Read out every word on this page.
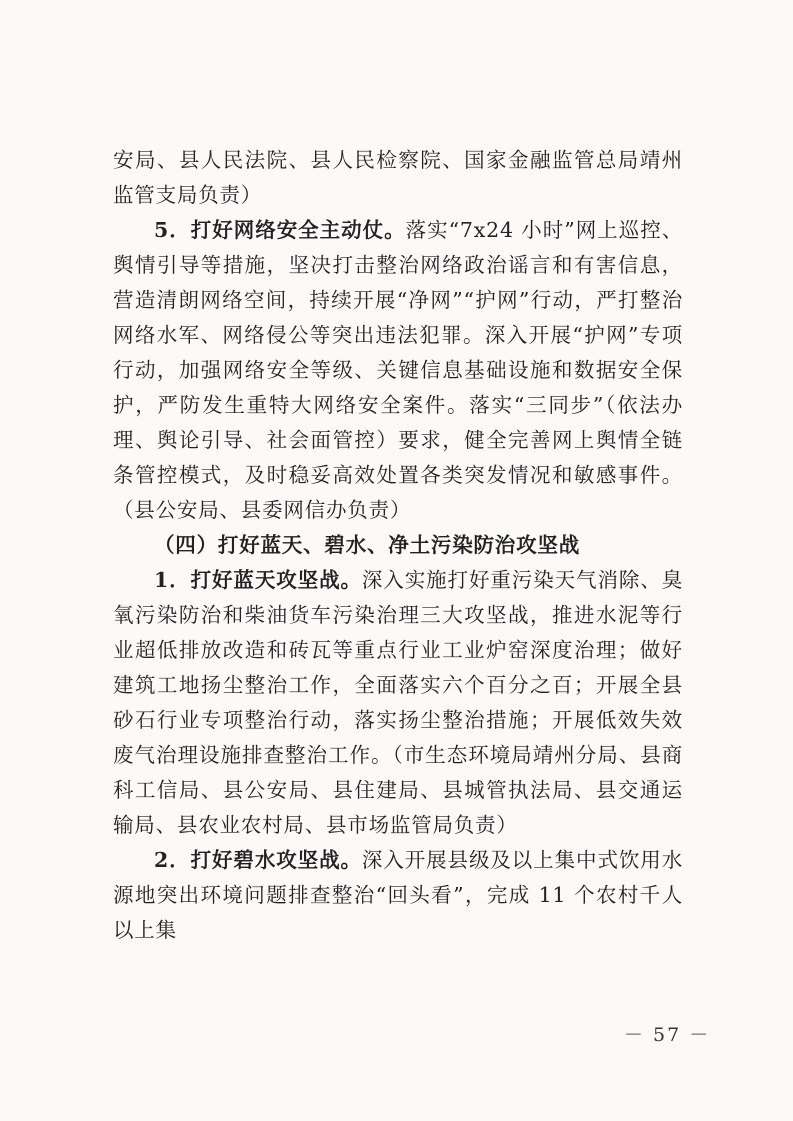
安局、县人民法院、县人民检察院、国家金融监管总局靖州监管支局负责）

5．打好网络安全主动仗。落实“7x24 小时”网上巡控、舆情引导等措施，坚决打击整治网络政治谣言和有害信息，营造清朗网络空间，持续开展“净网”“护网”行动，严打整治网络水军、网络侵公等突出违法犯罪。深入开展“护网”专项行动，加强网络安全等级、关键信息基础设施和数据安全保护，严防发生重特大网络安全案件。落实“三同步”（依法办理、舆论引导、社会面管控）要求，健全完善网上舆情全链条管控模式，及时稳妥高效处置各类突发情况和敏感事件。（县公安局、县委网信办负责）

（四）打好蓝天、碧水、净土污染防治攻坚战

1．打好蓝天攻坚战。深入实施打好重污染天气消除、臭氧污染防治和柴油货车污染治理三大攻坚战，推进水泥等行业超低排放改造和砖瓦等重点行业工业炉窑深度治理；做好建筑工地扬尘整治工作，全面落实六个百分之百；开展全县砂石行业专项整治行动，落实扬尘整治措施；开展低效失效废气治理设施排查整治工作。（市生态环境局靖州分局、县商科工信局、县公安局、县住建局、县城管执法局、县交通运输局、县农业农村局、县市场监管局负责）

2．打好碧水攻坚战。深入开展县级及以上集中式饮用水源地突出环境问题排查整治“回头看”，完成 11 个农村千人以上集

－ 57 －
